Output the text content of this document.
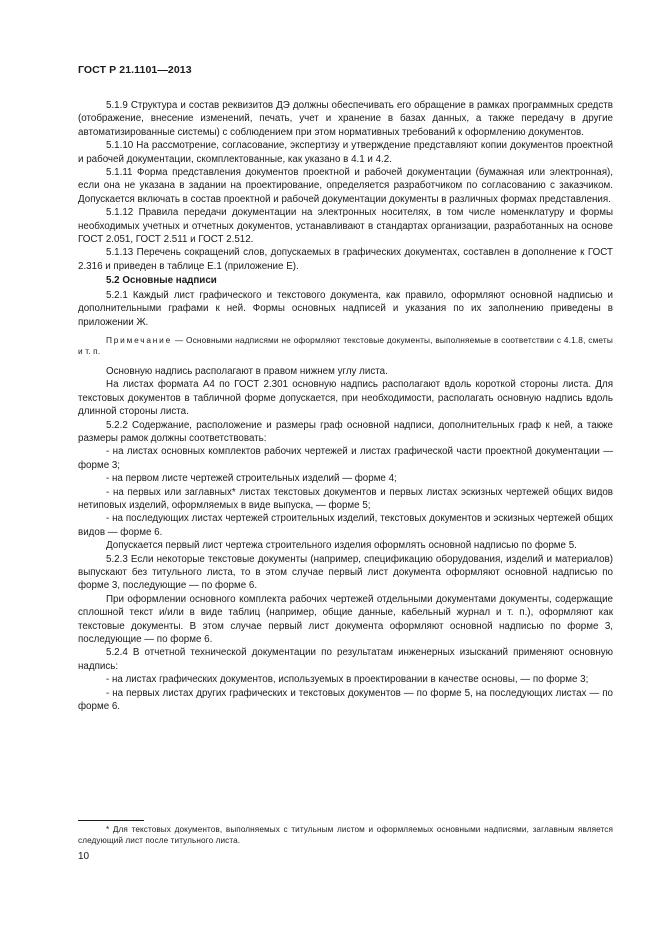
ГОСТ Р 21.1101—2013

5.1.9 Структура и состав реквизитов ДЭ должны обеспечивать его обращение в рамках программных средств (отображение, внесение изменений, печать, учет и хранение в базах данных, а также передачу в другие автоматизированные системы) с соблюдением при этом нормативных требований к оформлению документов.

5.1.10 На рассмотрение, согласование, экспертизу и утверждение представляют копии документов проектной и рабочей документации, скомплектованные, как указано в 4.1 и 4.2.

5.1.11 Форма представления документов проектной и рабочей документации (бумажная или электронная), если она не указана в задании на проектирование, определяется разработчиком по согласованию с заказчиком. Допускается включать в состав проектной и рабочей документации документы в различных формах представления.

5.1.12 Правила передачи документации на электронных носителях, в том числе номенклатуру и формы необходимых учетных и отчетных документов, устанавливают в стандартах организации, разработанных на основе ГОСТ 2.051, ГОСТ 2.511 и ГОСТ 2.512.

5.1.13 Перечень сокращений слов, допускаемых в графических документах, составлен в дополнение к ГОСТ 2.316 и приведен в таблице Е.1 (приложение Е).

5.2 Основные надписи

5.2.1 Каждый лист графического и текстового документа, как правило, оформляют основной надписью и дополнительными графами к ней. Формы основных надписей и указания по их заполнению приведены в приложении Ж.

Примечание — Основными надписями не оформляют текстовые документы, выполняемые в соответствии с 4.1.8, сметы и т. п.

Основную надпись располагают в правом нижнем углу листа.

На листах формата А4 по ГОСТ 2.301 основную надпись располагают вдоль короткой стороны листа. Для текстовых документов в табличной форме допускается, при необходимости, располагать основную надпись вдоль длинной стороны листа.

5.2.2 Содержание, расположение и размеры граф основной надписи, дополнительных граф к ней, а также размеры рамок должны соответствовать:

- на листах основных комплектов рабочих чертежей и листах графической части проектной документации — форме 3;

- на первом листе чертежей строительных изделий — форме 4;

- на первых или заглавных* листах текстовых документов и первых листах эскизных чертежей общих видов нетиповых изделий, оформляемых в виде выпуска, — форме 5;

- на последующих листах чертежей строительных изделий, текстовых документов и эскизных чертежей общих видов — форме 6.

Допускается первый лист чертежа строительного изделия оформлять основной надписью по форме 5.

5.2.3 Если некоторые текстовые документы (например, спецификацию оборудования, изделий и материалов) выпускают без титульного листа, то в этом случае первый лист документа оформляют основной надписью по форме 3, последующие — по форме 6.

При оформлении основного комплекта рабочих чертежей отдельными документами документы, содержащие сплошной текст и/или в виде таблиц (например, общие данные, кабельный журнал и т. п.), оформляют как текстовые документы. В этом случае первый лист документа оформляют основной надписью по форме 3, последующие — по форме 6.

5.2.4 В отчетной технической документации по результатам инженерных изысканий применяют основную надпись:

- на листах графических документов, используемых в проектировании в качестве основы, — по форме 3;

- на первых листах других графических и текстовых документов — по форме 5, на последующих листах — по форме 6.

* Для текстовых документов, выполняемых с титульным листом и оформляемых основными надписями, заглавным является следующий лист после титульного листа.

10
